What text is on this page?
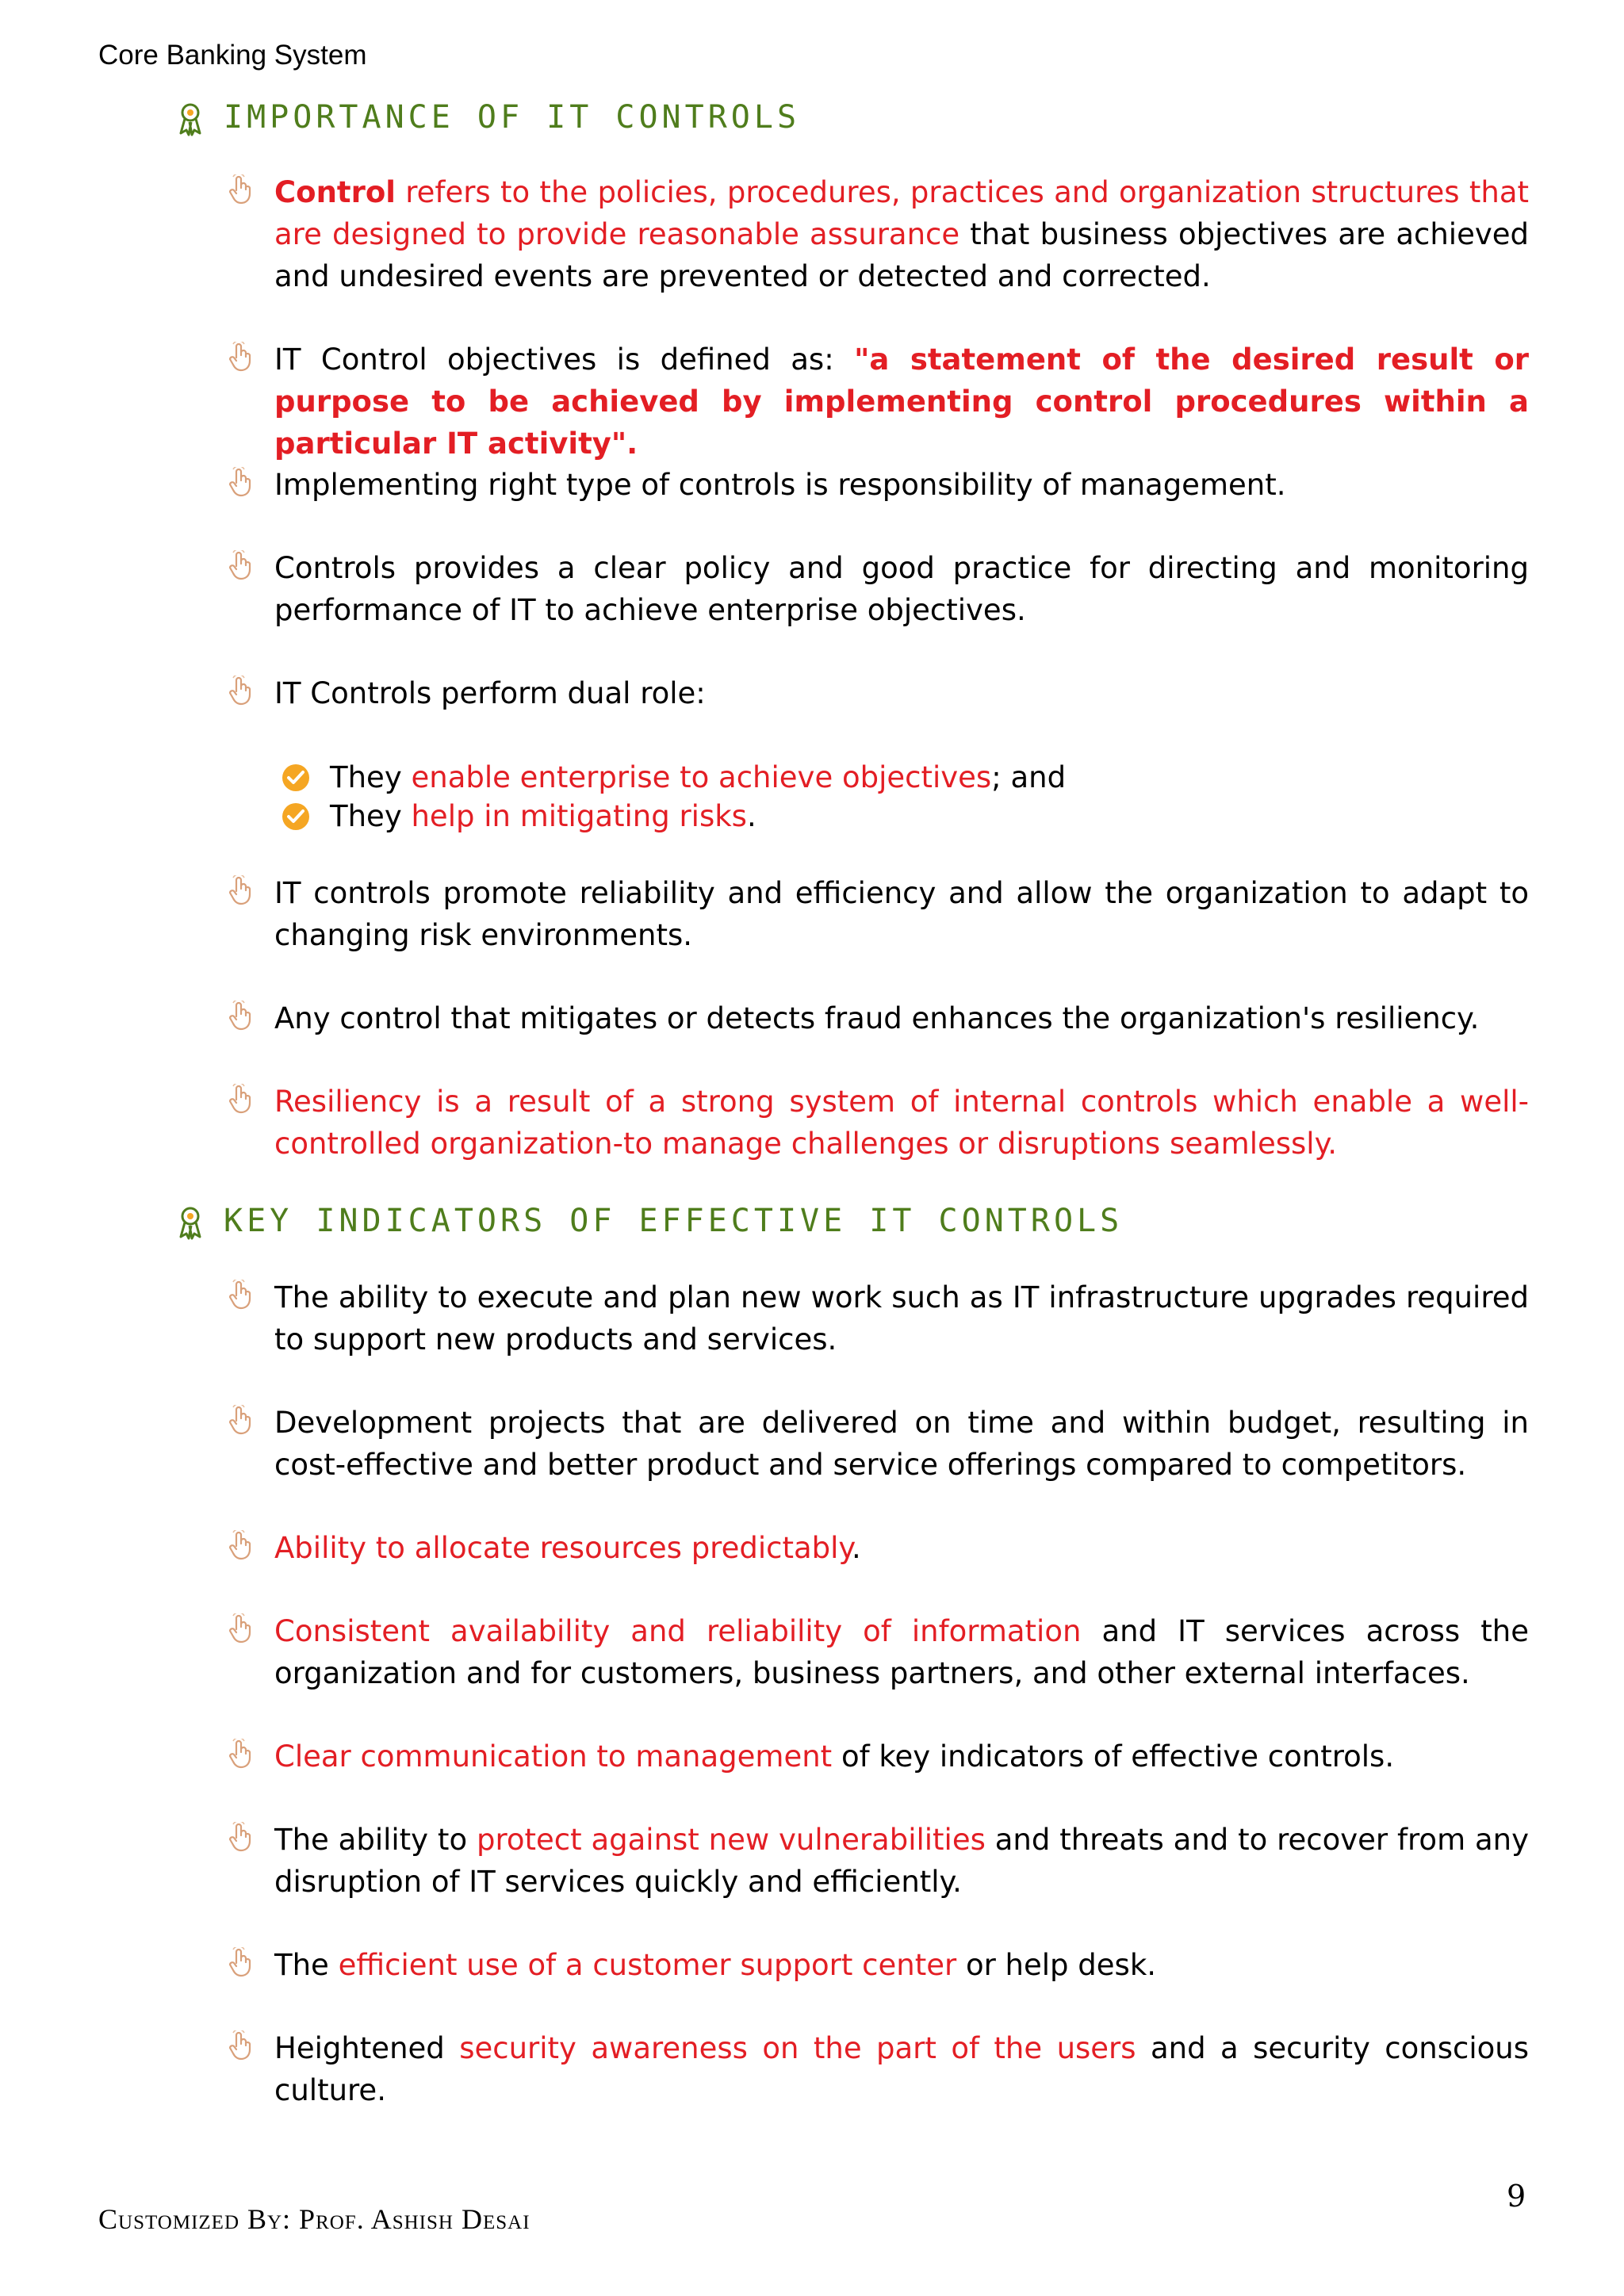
Core Banking System
IMPORTANCE OF IT CONTROLS
Control refers to the policies, procedures, practices and organization structures that are designed to provide reasonable assurance that business objectives are achieved and undesired events are prevented or detected and corrected.
IT Control objectives is defined as: "a statement of the desired result or purpose to be achieved by implementing control procedures within a particular IT activity".
Implementing right type of controls is responsibility of management.
Controls provides a clear policy and good practice for directing and monitoring performance of IT to achieve enterprise objectives.
IT Controls perform dual role:
They enable enterprise to achieve objectives; and
They help in mitigating risks.
IT controls promote reliability and efficiency and allow the organization to adapt to changing risk environments.
Any control that mitigates or detects fraud enhances the organization's resiliency.
Resiliency is a result of a strong system of internal controls which enable a well-controlled organization-to manage challenges or disruptions seamlessly.
KEY INDICATORS OF EFFECTIVE IT CONTROLS
The ability to execute and plan new work such as IT infrastructure upgrades required to support new products and services.
Development projects that are delivered on time and within budget, resulting in cost-effective and better product and service offerings compared to competitors.
Ability to allocate resources predictably.
Consistent availability and reliability of information and IT services across the organization and for customers, business partners, and other external interfaces.
Clear communication to management of key indicators of effective controls.
The ability to protect against new vulnerabilities and threats and to recover from any disruption of IT services quickly and efficiently.
The efficient use of a customer support center or help desk.
Heightened security awareness on the part of the users and a security conscious culture.
9
Customized By: Prof. Ashish Desai
